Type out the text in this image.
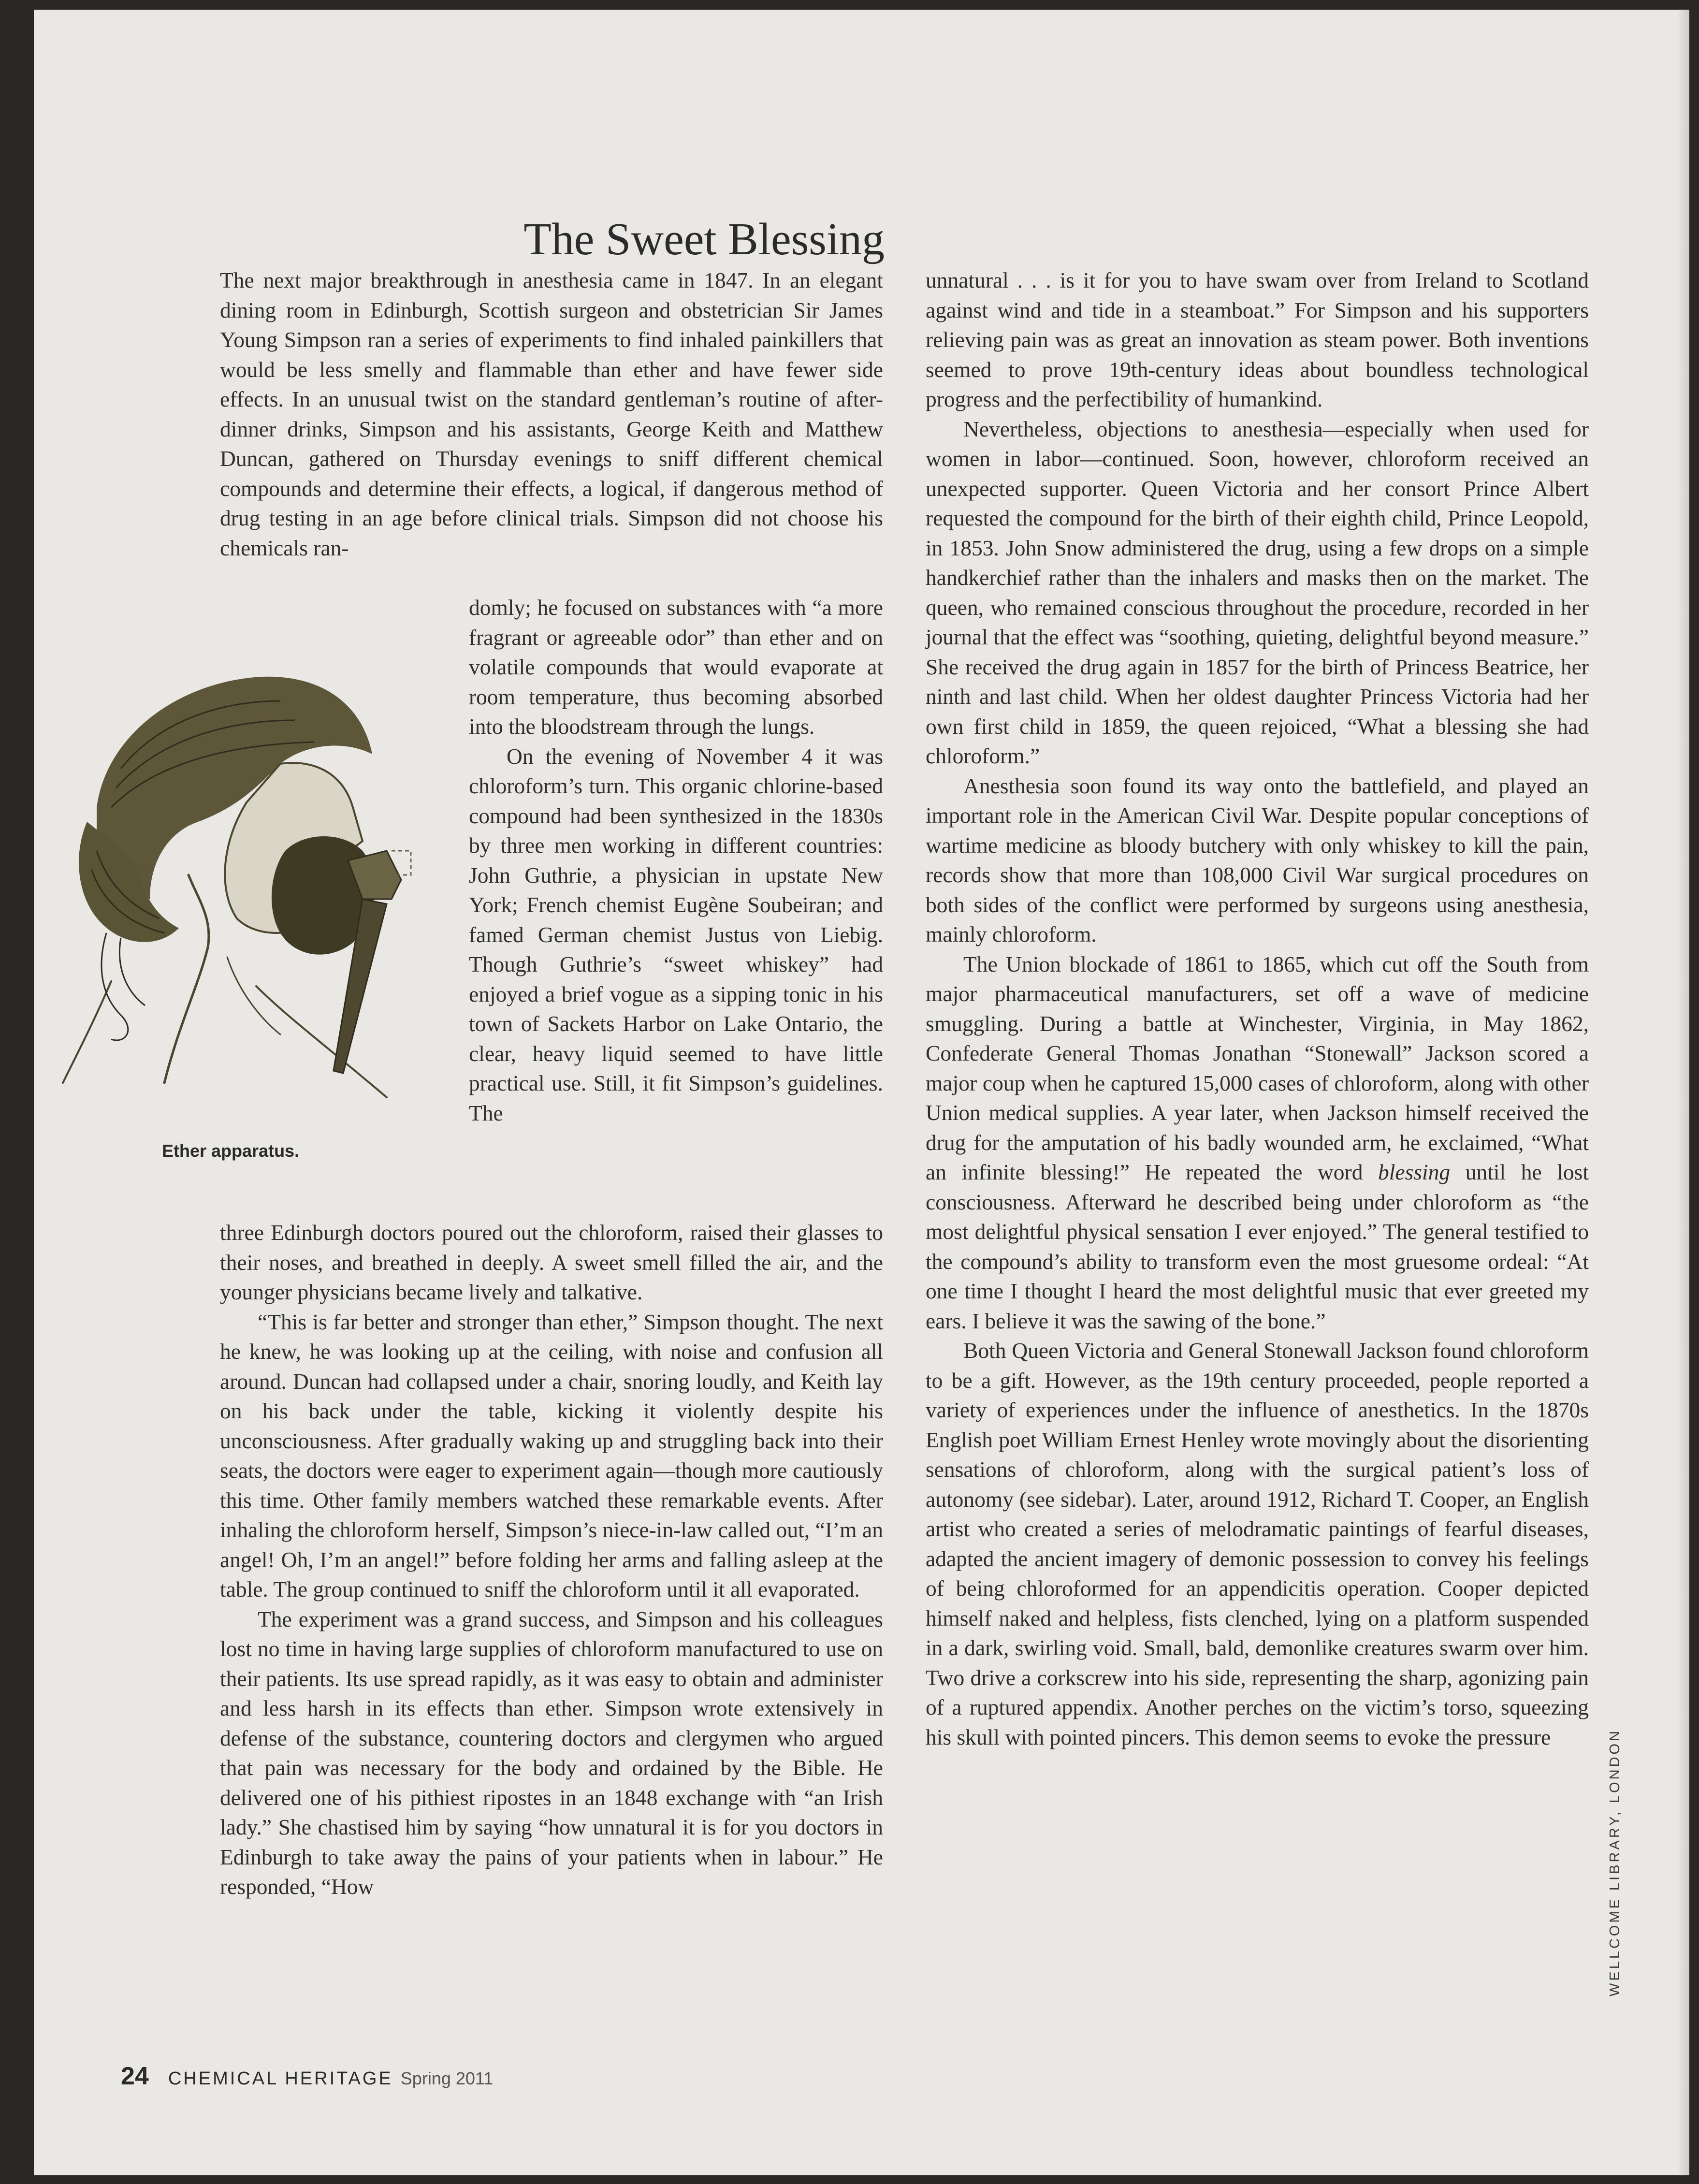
The Sweet Blessing

The next major breakthrough in anesthesia came in 1847. In an elegant dining room in Edinburgh, Scottish surgeon and obstetrician Sir James Young Simpson ran a series of experiments to find inhaled painkillers that would be less smelly and flammable than ether and have fewer side effects. In an unusual twist on the standard gentleman’s routine of after-dinner drinks, Simpson and his assistants, George Keith and Matthew Duncan, gathered on Thursday evenings to sniff different chemical compounds and determine their effects, a logical, if dangerous method of drug testing in an age before clinical trials. Simpson did not choose his chemicals ran-

domly; he focused on substances with “a more fragrant or agreeable odor” than ether and on volatile compounds that would evaporate at room temperature, thus becoming absorbed into the bloodstream through the lungs.

On the evening of November 4 it was chloroform’s turn. This organic chlorine-based compound had been synthesized in the 1830s by three men working in different countries: John Guthrie, a physician in upstate New York; French chemist Eugène Soubeiran; and famed German chemist Justus von Liebig. Though Guthrie’s “sweet whiskey” had enjoyed a brief vogue as a sipping tonic in his town of Sackets Harbor on Lake Ontario, the clear, heavy liquid seemed to have little practical use. Still, it fit Simpson’s guidelines. The

Ether apparatus.

three Edinburgh doctors poured out the chloroform, raised their glasses to their noses, and breathed in deeply. A sweet smell filled the air, and the younger physicians became lively and talkative.

“This is far better and stronger than ether,” Simpson thought. The next he knew, he was looking up at the ceiling, with noise and confusion all around. Duncan had collapsed under a chair, snoring loudly, and Keith lay on his back under the table, kicking it violently despite his unconsciousness. After gradually waking up and struggling back into their seats, the doctors were eager to experiment again—though more cautiously this time. Other family members watched these remarkable events. After inhaling the chloroform herself, Simpson’s niece-in-law called out, “I’m an angel! Oh, I’m an angel!” before folding her arms and falling asleep at the table. The group continued to sniff the chloroform until it all evaporated.

The experiment was a grand success, and Simpson and his colleagues lost no time in having large supplies of chloroform manufactured to use on their patients. Its use spread rapidly, as it was easy to obtain and administer and less harsh in its effects than ether. Simpson wrote extensively in defense of the substance, countering doctors and clergymen who argued that pain was necessary for the body and ordained by the Bible. He delivered one of his pithiest ripostes in an 1848 exchange with “an Irish lady.” She chastised him by saying “how unnatural it is for you doctors in Edinburgh to take away the pains of your patients when in labour.” He responded, “How

unnatural . . . is it for you to have swam over from Ireland to Scotland against wind and tide in a steamboat.” For Simpson and his supporters relieving pain was as great an innovation as steam power. Both inventions seemed to prove 19th-century ideas about boundless technological progress and the perfectibility of humankind.

Nevertheless, objections to anesthesia—especially when used for women in labor—continued. Soon, however, chloroform received an unexpected supporter. Queen Victoria and her consort Prince Albert requested the compound for the birth of their eighth child, Prince Leopold, in 1853. John Snow administered the drug, using a few drops on a simple handkerchief rather than the inhalers and masks then on the market. The queen, who remained conscious throughout the procedure, recorded in her journal that the effect was “soothing, quieting, delightful beyond measure.” She received the drug again in 1857 for the birth of Princess Beatrice, her ninth and last child. When her oldest daughter Princess Victoria had her own first child in 1859, the queen rejoiced, “What a blessing she had chloroform.”

Anesthesia soon found its way onto the battlefield, and played an important role in the American Civil War. Despite popular conceptions of wartime medicine as bloody butchery with only whiskey to kill the pain, records show that more than 108,000 Civil War surgical procedures on both sides of the conflict were performed by surgeons using anesthesia, mainly chloroform.

The Union blockade of 1861 to 1865, which cut off the South from major pharmaceutical manufacturers, set off a wave of medicine smuggling. During a battle at Winchester, Virginia, in May 1862, Confederate General Thomas Jonathan “Stonewall” Jackson scored a major coup when he captured 15,000 cases of chloroform, along with other Union medical supplies. A year later, when Jackson himself received the drug for the amputation of his badly wounded arm, he exclaimed, “What an infinite blessing!” He repeated the word blessing until he lost consciousness. Afterward he described being under chloroform as “the most delightful physical sensation I ever enjoyed.” The general testified to the compound’s ability to transform even the most gruesome ordeal: “At one time I thought I heard the most delightful music that ever greeted my ears. I believe it was the sawing of the bone.”

Both Queen Victoria and General Stonewall Jackson found chloroform to be a gift. However, as the 19th century proceeded, people reported a variety of experiences under the influence of anesthetics. In the 1870s English poet William Ernest Henley wrote movingly about the disorienting sensations of chloroform, along with the surgical patient’s loss of autonomy (see sidebar). Later, around 1912, Richard T. Cooper, an English artist who created a series of melodramatic paintings of fearful diseases, adapted the ancient imagery of demonic possession to convey his feelings of being chloroformed for an appendicitis operation. Cooper depicted himself naked and helpless, fists clenched, lying on a platform suspended in a dark, swirling void. Small, bald, demonlike creatures swarm over him. Two drive a corkscrew into his side, representing the sharp, agonizing pain of a ruptured appendix. Another perches on the victim’s torso, squeezing his skull with pointed pincers. This demon seems to evoke the pressure

24 CHEMICAL HERITAGE Spring 2011

WELLCOME LIBRARY, LONDON
